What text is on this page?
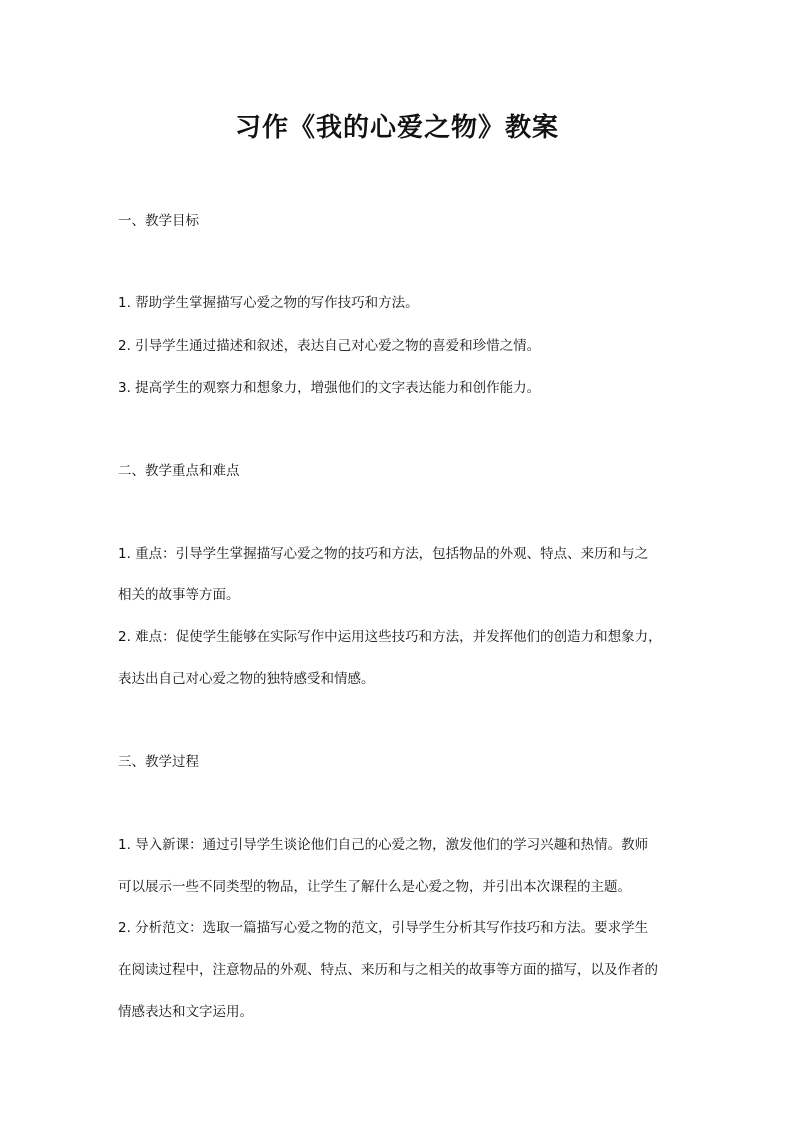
习作《我的心爱之物》教案
一、教学目标
1. 帮助学生掌握描写心爱之物的写作技巧和方法。
2. 引导学生通过描述和叙述，表达自己对心爱之物的喜爱和珍惜之情。
3. 提高学生的观察力和想象力，增强他们的文字表达能力和创作能力。
二、教学重点和难点
1. 重点：引导学生掌握描写心爱之物的技巧和方法，包括物品的外观、特点、来历和与之
相关的故事等方面。
2. 难点：促使学生能够在实际写作中运用这些技巧和方法，并发挥他们的创造力和想象力，
表达出自己对心爱之物的独特感受和情感。
三、教学过程
1. 导入新课：通过引导学生谈论他们自己的心爱之物，激发他们的学习兴趣和热情。教师
可以展示一些不同类型的物品，让学生了解什么是心爱之物，并引出本次课程的主题。
2. 分析范文：选取一篇描写心爱之物的范文，引导学生分析其写作技巧和方法。要求学生
在阅读过程中，注意物品的外观、特点、来历和与之相关的故事等方面的描写，以及作者的
情感表达和文字运用。
